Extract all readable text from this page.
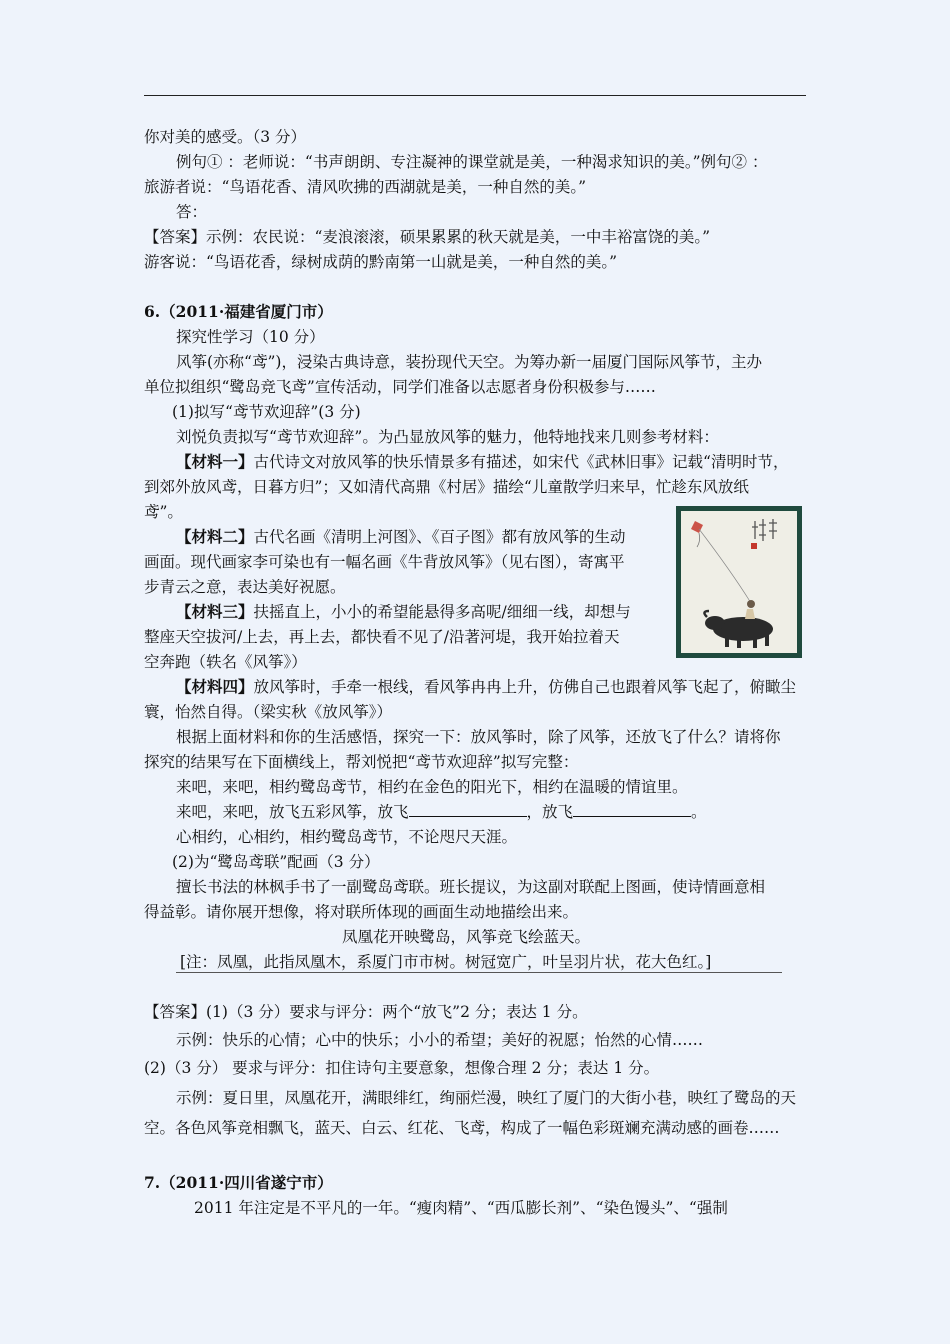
你对美的感受。（3 分）

例句① ：老师说：“书声朗朗、专注凝神的课堂就是美，一种渴求知识的美。”例句② ：

旅游者说：“鸟语花香、清风吹拂的西湖就是美，一种自然的美。”

答：

【答案】示例：农民说：“麦浪滚滚，硕果累累的秋天就是美，一中丰裕富饶的美。”

游客说：“鸟语花香，绿树成荫的黔南第一山就是美，一种自然的美。”

6.（2011·福建省厦门市）

探究性学习（10 分）

风筝(亦称“鸢”)，浸染古典诗意，装扮现代天空。为筹办新一届厦门国际风筝节，主办

单位拟组织“鹭岛竞飞鸢”宣传活动，同学们准备以志愿者身份积极参与……

(1)拟写“鸢节欢迎辞”(3 分)

刘悦负责拟写“鸢节欢迎辞”。为凸显放风筝的魅力，他特地找来几则参考材料：

【材料一】古代诗文对放风筝的快乐情景多有描述，如宋代《武林旧事》记载“清明时节，

到郊外放风鸢，日暮方归”；又如清代高鼎《村居》描绘“儿童散学归来早，忙趁东风放纸

鸢”。

【材料二】古代名画《清明上河图》、《百子图》都有放风筝的生动

画面。现代画家李可染也有一幅名画《牛背放风筝》（见右图），寄寓平

步青云之意，表达美好祝愿。

【材料三】扶摇直上，小小的希望能悬得多高呢/细细一线，却想与

整座天空拔河/上去，再上去，都快看不见了/沿著河堤，我开始拉着天

空奔跑（轶名《风筝》）

【材料四】放风筝时，手牵一根线，看风筝冉冉上升，仿佛自己也跟着风筝飞起了，俯瞰尘

寰，怡然自得。（梁实秋《放风筝》）

根据上面材料和你的生活感悟，探究一下：放风筝时，除了风筝，还放飞了什么？请将你

探究的结果写在下面横线上，帮刘悦把“鸢节欢迎辞”拟写完整：

来吧，来吧，相约鹭岛鸢节，相约在金色的阳光下，相约在温暖的情谊里。

来吧，来吧，放飞五彩风筝，放飞	，放飞	。

心相约，心相约，相约鹭岛鸢节，不论咫尺天涯。

(2)为“鹭岛鸢联”配画（3 分）

擅长书法的林枫手书了一副鹭岛鸢联。班长提议，为这副对联配上图画，使诗情画意相

得益彰。请你展开想像，将对联所体现的画面生动地描绘出来。

凤凰花开映鹭岛，风筝竞飞绘蓝天。

[注：凤凰，此指凤凰木，系厦门市市树。树冠宽广，叶呈羽片状，花大色红。]

【答案】(1)（3 分）要求与评分：两个“放飞”2 分；表达 1 分。

示例：快乐的心情；心中的快乐；小小的希望；美好的祝愿；怡然的心情……

(2)（3 分） 要求与评分：扣住诗句主要意象，想像合理 2 分；表达 1 分。

示例：夏日里，凤凰花开，满眼绯红，绚丽烂漫，映红了厦门的大街小巷，映红了鹭岛的天

空。各色风筝竞相飘飞，蓝天、白云、红花、飞鸢，构成了一幅色彩斑斓充满动感的画卷……

7.（2011·四川省遂宁市）

2011 年注定是不平凡的一年。“瘦肉精”、“西瓜膨长剂”、“染色馒头”、“强制
